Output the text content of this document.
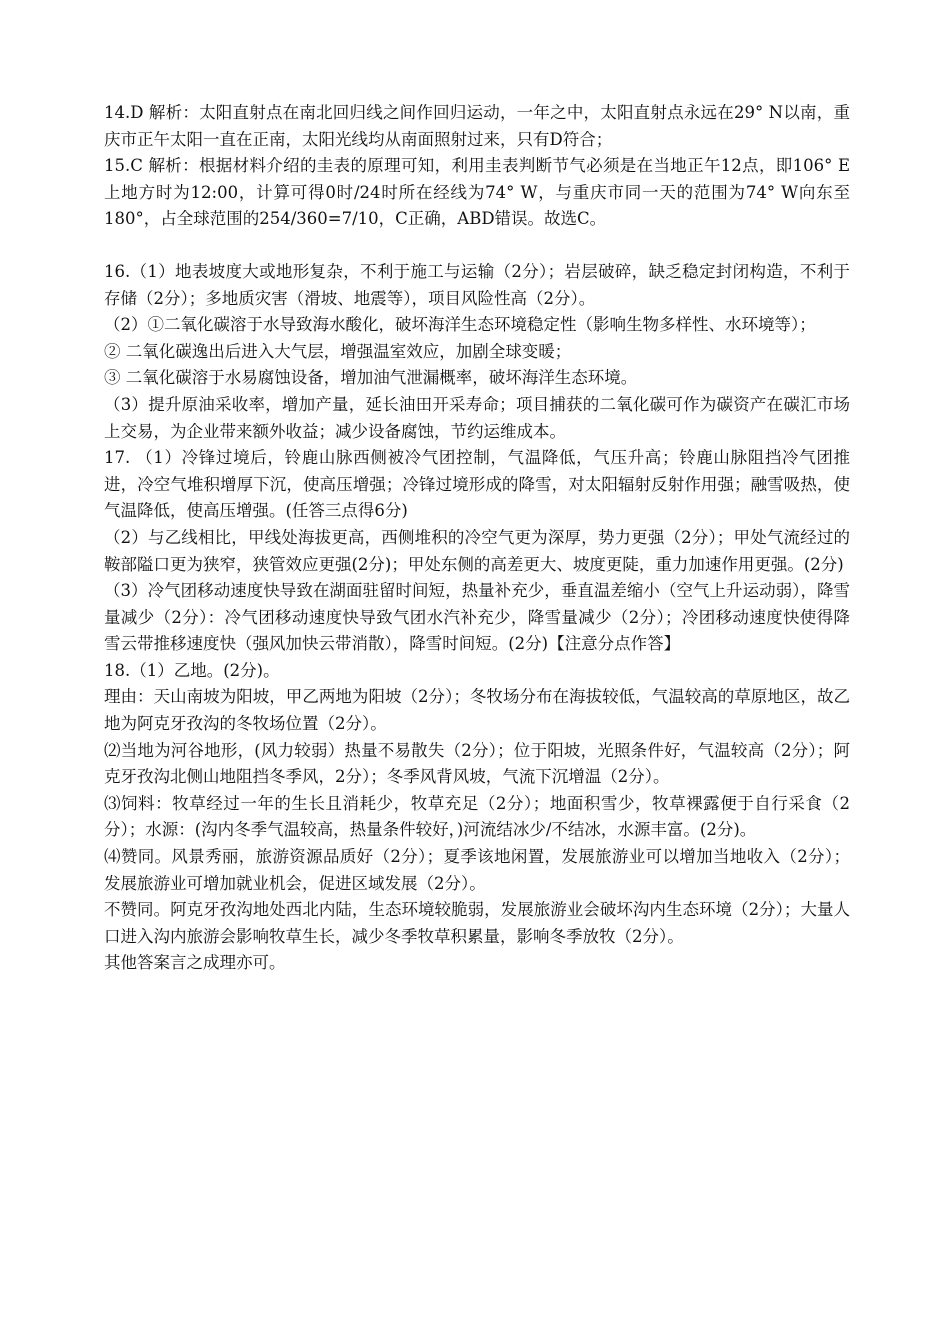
14.D 解析：太阳直射点在南北回归线之间作回归运动，一年之中，太阳直射点永远在29° N以南，重庆市正午太阳一直在正南，太阳光线均从南面照射过来，只有D符合；

15.C 解析：根据材料介绍的圭表的原理可知，利用圭表判断节气必须是在当地正午12点，即106° E上地方时为12:00，计算可得0时/24时所在经线为74° W，与重庆市同一天的范围为74° W向东至180°，占全球范围的254/360=7/10，C正确，ABD错误。故选C。

16.（1）地表坡度大或地形复杂，不利于施工与运输（2分）；岩层破碎，缺乏稳定封闭构造，不利于存储（2分）；多地质灾害（滑坡、地震等），项目风险性高（2分）。

（2）①二氧化碳溶于水导致海水酸化，破坏海洋生态环境稳定性（影响生物多样性、水环境等）；

② 二氧化碳逸出后进入大气层，增强温室效应，加剧全球变暖；

③ 二氧化碳溶于水易腐蚀设备，增加油气泄漏概率，破坏海洋生态环境。

（3）提升原油采收率，增加产量，延长油田开采寿命；项目捕获的二氧化碳可作为碳资产在碳汇市场上交易，为企业带来额外收益；减少设备腐蚀，节约运维成本。

17. （1）冷锋过境后，铃鹿山脉西侧被冷气团控制，气温降低，气压升高；铃鹿山脉阻挡冷气团推进，冷空气堆积增厚下沉，使高压增强；冷锋过境形成的降雪，对太阳辐射反射作用强；融雪吸热，使气温降低，使高压增强。(任答三点得6分)

（2）与乙线相比，甲线处海拔更高，西侧堆积的冷空气更为深厚，势力更强（2分）；甲处气流经过的鞍部隘口更为狭窄，狭管效应更强(2分)；甲处东侧的高差更大、坡度更陡，重力加速作用更强。(2分)

（3）冷气团移动速度快导致在湖面驻留时间短，热量补充少，垂直温差缩小（空气上升运动弱），降雪量减少（2分）：冷气团移动速度快导致气团水汽补充少，降雪量减少（2分）；冷团移动速度快使得降雪云带推移速度快（强风加快云带消散），降雪时间短。(2分)【注意分点作答】

18.（1）乙地。(2分)。

理由：天山南坡为阳坡，甲乙两地为阳坡（2分）；冬牧场分布在海拔较低，气温较高的草原地区，故乙地为阿克牙孜沟的冬牧场位置（2分）。

⑵当地为河谷地形，(风力较弱）热量不易散失（2分）；位于阳坡，光照条件好，气温较高（2分）；阿克牙孜沟北侧山地阻挡冬季风，2分）；冬季风背风坡，气流下沉增温（2分）。

⑶饲料：牧草经过一年的生长且消耗少，牧草充足（2分）；地面积雪少，牧草裸露便于自行采食（2分）；水源：(沟内冬季气温较高，热量条件较好，)河流结冰少/不结冰，水源丰富。(2分)。

⑷赞同。风景秀丽，旅游资源品质好（2分）；夏季该地闲置，发展旅游业可以增加当地收入（2分）；发展旅游业可增加就业机会，促进区域发展（2分）。

不赞同。阿克牙孜沟地处西北内陆，生态环境较脆弱，发展旅游业会破坏沟内生态环境（2分）；大量人口进入沟内旅游会影响牧草生长，减少冬季牧草积累量，影响冬季放牧（2分）。

其他答案言之成理亦可。
